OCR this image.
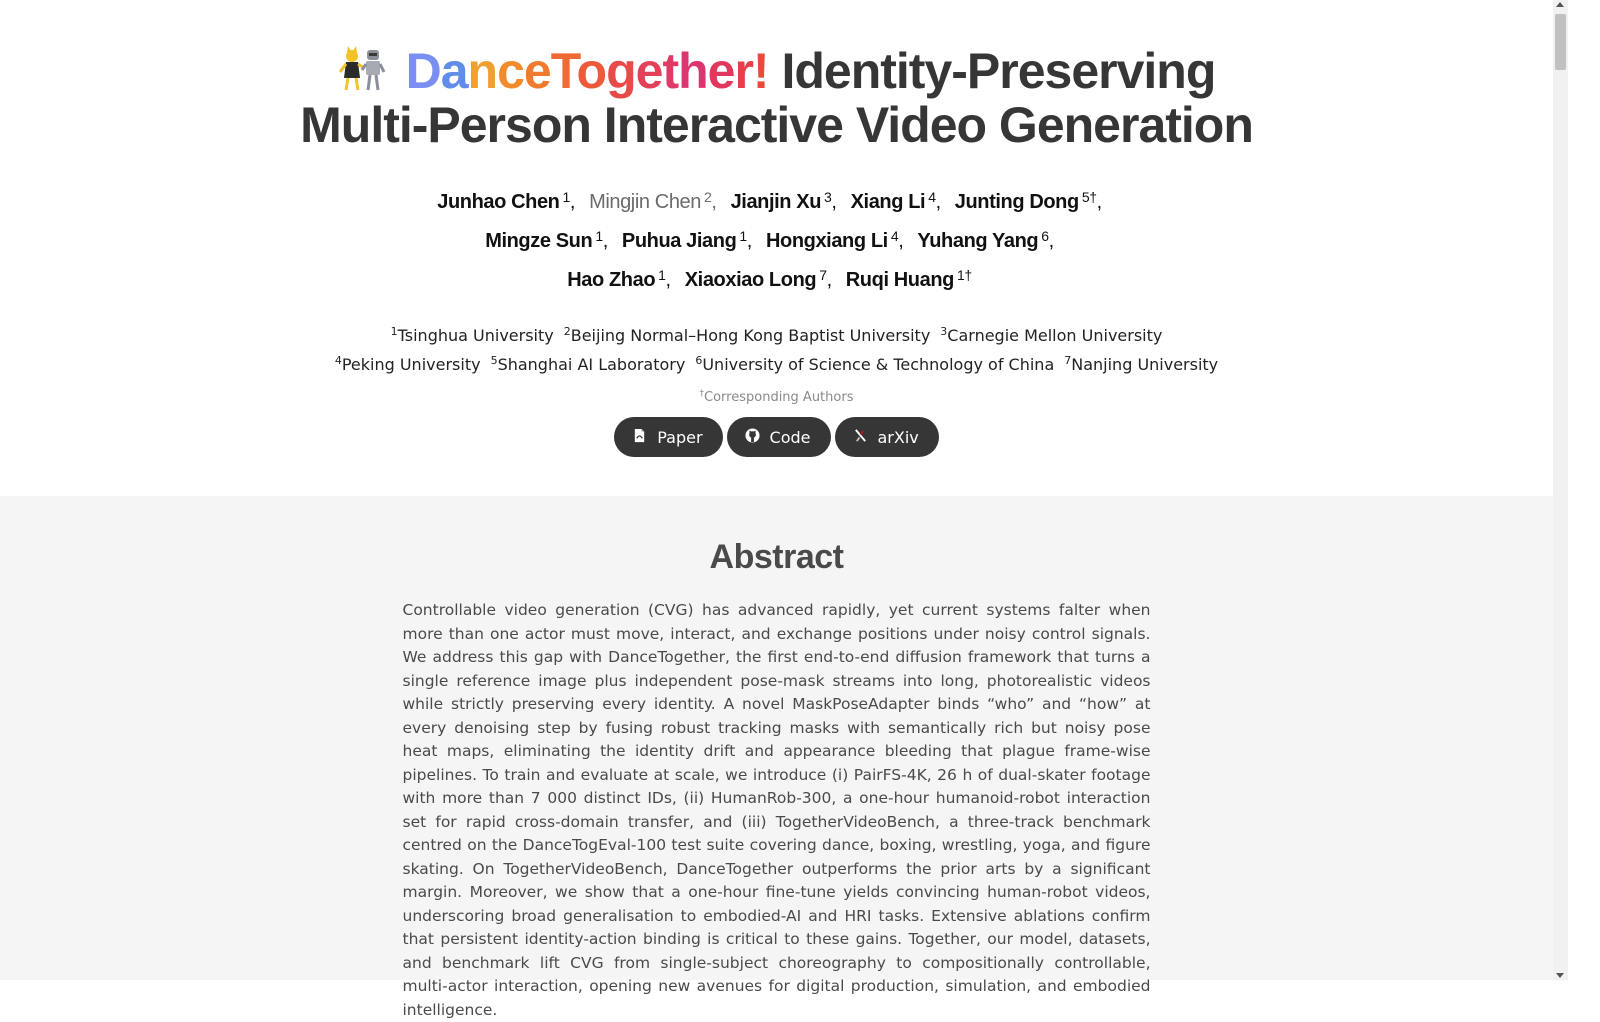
DanceTogether! Identity-Preserving
Multi-Person Interactive Video Generation
Junhao Chen $^1$, Mingjin Chen $^2$, Jianjin Xu $^3$, Xiang Li $^4$, Junting Dong $^{5\dagger}$,
Mingze Sun $^1$, Puhua Jiang $^1$, Hongxiang Li $^4$, Yuhang Yang $^6$,
Hao Zhao $^1$, Xiaoxiao Long $^7$, Ruqi Huang $^{1\dagger}$
$^1$Tsinghua University $^2$Beijing Normal–Hong Kong Baptist University $^3$Carnegie Mellon University
$^4$Peking University $^5$Shanghai AI Laboratory $^6$University of Science & Technology of China $^7$Nanjing University
†Corresponding Authors
Paper	Code	arXiv
Abstract

Controllable video generation (CVG) has advanced rapidly, yet current systems falter when more than one actor must move, interact, and exchange positions under noisy control signals. We address this gap with DanceTogether, the first end-to-end diffusion framework that turns a single reference image plus independent pose-mask streams into long, photorealistic videos while strictly preserving every identity. A novel MaskPoseAdapter binds “who” and “how” at every denoising step by fusing robust tracking masks with semantically rich but noisy pose heat maps, eliminating the identity drift and appearance bleeding that plague frame-wise pipelines. To train and evaluate at scale, we introduce (i) PairFS-4K, 26 h of dual-skater footage with more than 7 000 distinct IDs, (ii) HumanRob-300, a one-hour humanoid-robot interaction set for rapid cross-domain transfer, and (iii) TogetherVideoBench, a three-track benchmark centred on the DanceTogEval-100 test suite covering dance, boxing, wrestling, yoga, and figure skating. On TogetherVideoBench, DanceTogether outperforms the prior arts by a significant margin. Moreover, we show that a one-hour fine-tune yields convincing human-robot videos, underscoring broad generalisation to embodied-AI and HRI tasks. Extensive ablations confirm that persistent identity-action binding is critical to these gains. Together, our model, datasets, and benchmark lift CVG from single-subject choreography to compositionally controllable, multi-actor interaction, opening new avenues for digital production, simulation, and embodied intelligence.
